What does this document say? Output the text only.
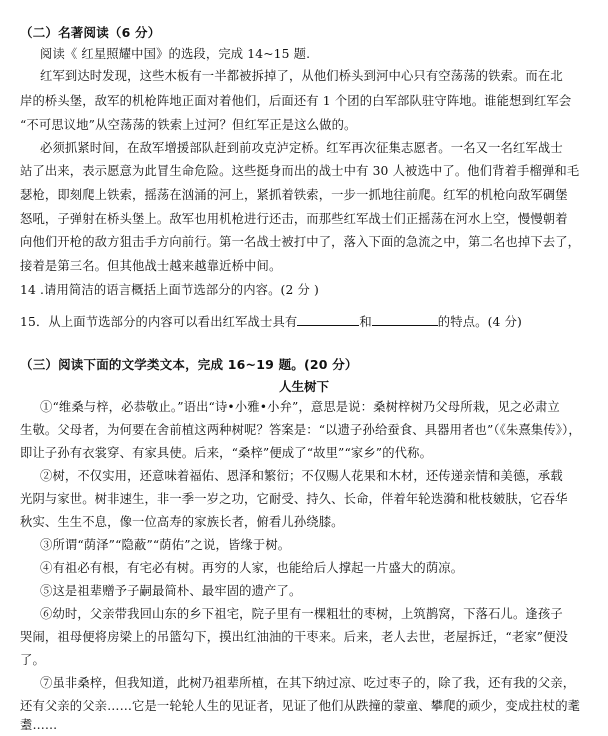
（二）名著阅读（6 分）
阅读《 红星照耀中国》的选段，完成 14~15 题.
红军到达时发现，这些木板有一半都被拆掉了，从他们桥头到河中心只有空荡荡的铁索。而在北
岸的桥头堡，敌军的机枪阵地正面对着他们，后面还有 1 个团的白军部队驻守阵地。谁能想到红军会
“不可思议地”从空荡荡的铁索上过河？但红军正是这么做的。
必须抓紧时间，在敌军增援部队赶到前攻克泸定桥。红军再次征集志愿者。一名又一名红军战士
站了出来，表示愿意为此冒生命危险。这些挺身而出的战士中有 30 人被选中了。他们背着手榴弹和毛
瑟枪，即刻爬上铁索，摇荡在汹涌的河上，紧抓着铁索，一步一抓地往前爬。红军的机枪向敌军碉堡
怒吼，子弹射在桥头堡上。敌军也用机枪进行还击，而那些红军战士们正摇荡在河水上空，慢慢朝着
向他们开枪的敌方狙击手方向前行。第一名战士被打中了，落入下面的急流之中，第二名也掉下去了，
接着是第三名。但其他战士越来越靠近桥中间。
14 .请用简洁的语言概括上面节选部分的内容。(2 分 )
15．从上面节选部分的内容可以看出红军战士具有	和	的特点。(4 分)
（三）阅读下面的文学类文本，完成 16~19 题。(20 分）
人生树下
①“维桑与梓，必恭敬止。”语出“诗•小雅•小弁”，意思是说：桑树梓树乃父母所栽，见之必肃立
生敬。父母者，为何要在舍前植这两种树呢？答案是：“以遗子孙给蚕食、具器用者也”（《朱熹集传》），
即让子孙有衣裳穿、有家具使。后来，“桑梓”便成了“故里”“家乡”的代称。
②树，不仅实用，还意味着福佑、恩泽和繁衍；不仅赐人花果和木材，还传递亲情和美德，承载
光阴与家世。树非速生，非一季一岁之功，它耐受、持久、长命，伴着年轮迭漪和枇枝皴肤，它吞华
秋实、生生不息，像一位高寿的家族长者，俯看儿孙绕膝。
③所谓“荫泽”“隐蔽”“荫佑”之说，皆缘于树。
④有祖必有根，有宅必有树。再穷的人家，也能给后人撑起一片盛大的荫凉。
⑤这是祖辈赠予子嗣最简朴、最牢固的遗产了。
⑥幼时，父亲带我回山东的乡下祖宅，院子里有一棵粗壮的枣树，上筑鹊窝，下落石儿。逢孩子
哭闹，祖母便将房梁上的吊篮勾下，摸出红油油的干枣来。后来，老人去世，老屋拆迁，“老家”便没
了。
⑦虽非桑梓，但我知道，此树乃祖辈所植，在其下纳过凉、吃过枣子的，除了我，还有我的父亲，
还有父亲的父亲……它是一轮轮人生的见证者，见证了他们从跌撞的蒙童、攀爬的顽少，变成拄杖的耄
耋……
